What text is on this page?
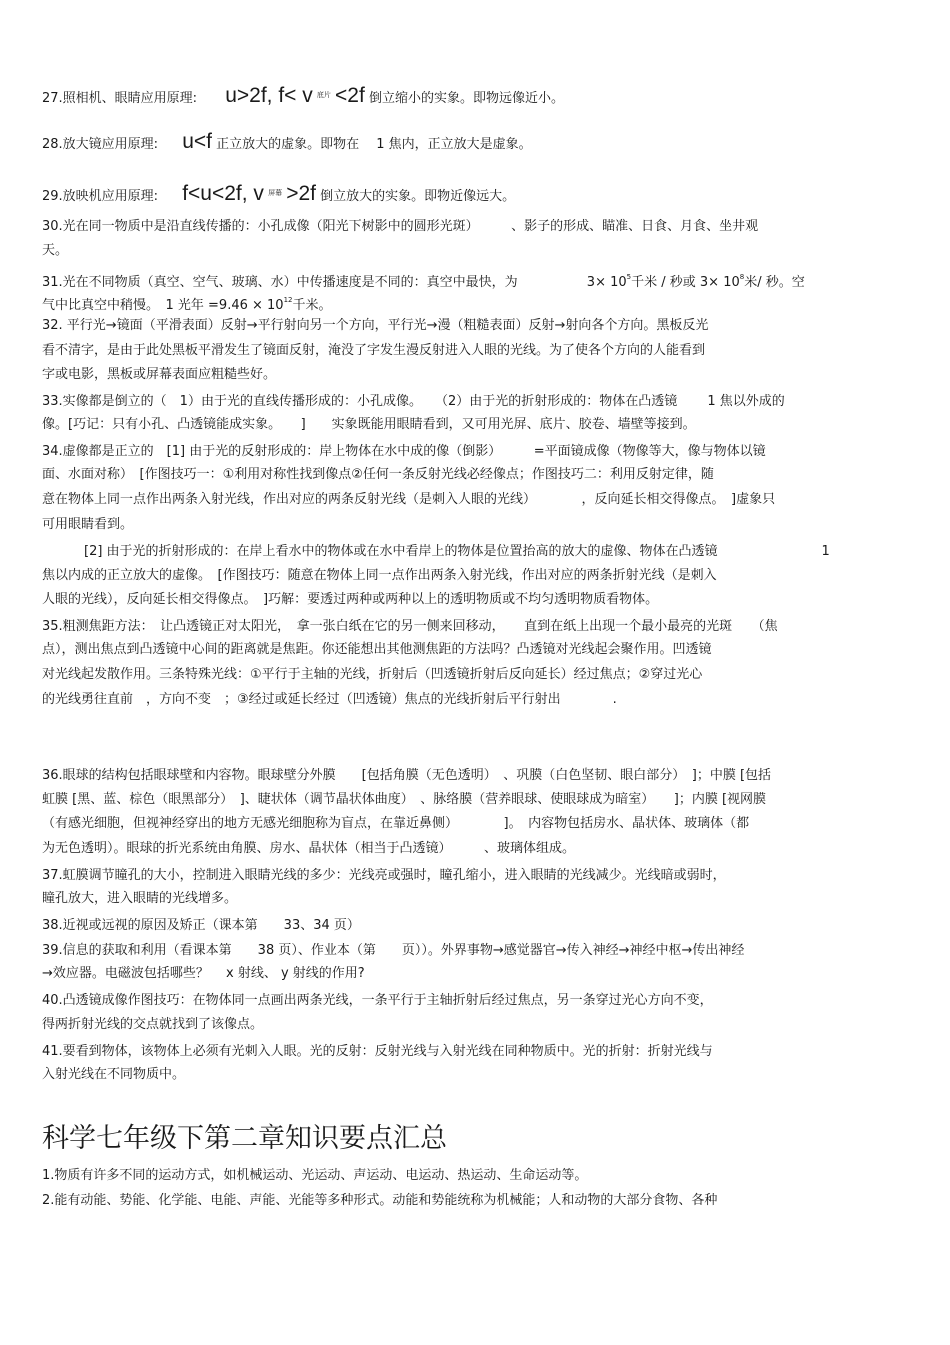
27.照相机、眼睛应用原理: u>2f, f< v $^{底片}$ <2f 倒立缩小的实象。即物远像近小。
28.放大镜应用原理: u<f 正立放大的虚象。即物在　 1 焦内，正立放大是虚象。
29.放映机应用原理: f<u<2f, v $^{屏幕}$ >2f 倒立放大的实象。即物近像远大。
30.光在同一物质中是沿直线传播的：小孔成像（阳光下树影中的圆形光斑）　　　、影子的形成、瞄准、日食、月食、坐井观
天。
31.光在不同物质（真空、空气、玻璃、水）中传播速度是不同的：真空中最快，为　　　　　 $3\times 10^5$千米 / 秒或 $3\times 10^8$米/ 秒。空
气中比真空中稍慢。　1 光年 $=9.46 \times 10^{12}$千米。
32. 平行光→镜面（平滑表面）反射→平行射向另一个方向，平行光→漫（粗糙表面）反射→射向各个方向。黑板反光
看不清字，是由于此处黑板平滑发生了镜面反射，淹没了字发生漫反射进入人眼的光线。为了使各个方向的人能看到
字或电影，黑板或屏幕表面应粗糙些好。
33.实像都是倒立的（　1）由于光的直线传播形成的：小孔成像。　　（2）由于光的折射形成的：物体在凸透镜　　 1 焦以外成的
像。[巧记：只有小孔、凸透镜能成实象。　　]　　实象既能用眼睛看到，又可用光屏、底片、胶卷、墙壁等接到。
34.虚像都是正立的　[1] 由于光的反射形成的：岸上物体在水中成的像（倒影）　　　=平面镜成像（物像等大，像与物体以镜
面、水面对称）　[作图技巧一：①利用对称性找到像点②任何一条反射光线必经像点；作图技巧二：利用反射定律，随
意在物体上同一点作出两条入射光线，作出对应的两条反射光线（是刺入人眼的光线）　　　　，反向延长相交得像点。　]虚象只
可用眼睛看到。
[2] 由于光的折射形成的：在岸上看水中的物体或在水中看岸上的物体是位置抬高的放大的虚像、物体在凸透镜　　　　　　　　1
焦以内成的正立放大的虚像。　[作图技巧：随意在物体上同一点作出两条入射光线，作出对应的两条折射光线（是刺入
人眼的光线），反向延长相交得像点。　]巧解：要透过两种或两种以上的透明物质或不均匀透明物质看物体。
35.粗测焦距方法：　让凸透镜正对太阳光，　拿一张白纸在它的另一侧来回移动，　　直到在纸上出现一个最小最亮的光斑　　（焦
点），测出焦点到凸透镜中心间的距离就是焦距。你还能想出其他测焦距的方法吗？凸透镜对光线起会聚作用。凹透镜
对光线起发散作用。三条特殊光线：①平行于主轴的光线，折射后（凹透镜折射后反向延长）经过焦点；②穿过光心
的光线勇往直前　，方向不变　；③经过或延长经过（凹透镜）焦点的光线折射后平行射出　　　　.
36.眼球的结构包括眼球壁和内容物。眼球壁分外膜　　[包括角膜（无色透明）　、巩膜（白色坚韧、眼白部分）　]；中膜 [包括
虹膜 [黑、蓝、棕色（眼黑部分）　]、睫状体（调节晶状体曲度）　、脉络膜（营养眼球、使眼球成为暗室）　　]；内膜 [视网膜
（有感光细胞，但视神经穿出的地方无感光细胞称为盲点，在靠近鼻侧）　　　　]。　内容物包括房水、晶状体、玻璃体（都
为无色透明）。眼球的折光系统由角膜、房水、晶状体（相当于凸透镜）　　　、玻璃体组成。
37.虹膜调节瞳孔的大小，控制进入眼睛光线的多少：光线亮或强时，瞳孔缩小，进入眼睛的光线减少。光线暗或弱时，
瞳孔放大，进入眼睛的光线增多。
38.近视或远视的原因及矫正（课本第　　33、34 页）
39.信息的获取和利用（看课本第　　38 页）、作业本（第　　页））。外界事物→感觉器官→传入神经→神经中枢→传出神经
→效应器。电磁波包括哪些？　 x 射线、 y 射线的作用?
40.凸透镜成像作图技巧：在物体同一点画出两条光线，一条平行于主轴折射后经过焦点，另一条穿过光心方向不变，
得两折射光线的交点就找到了该像点。
41.要看到物体，该物体上必须有光刺入人眼。光的反射：反射光线与入射光线在同种物质中。光的折射：折射光线与
入射光线在不同物质中。
科学七年级下第二章知识要点汇总
1.物质有许多不同的运动方式，如机械运动、光运动、声运动、电运动、热运动、生命运动等。
2.能有动能、势能、化学能、电能、声能、光能等多种形式。动能和势能统称为机械能；人和动物的大部分食物、各种
